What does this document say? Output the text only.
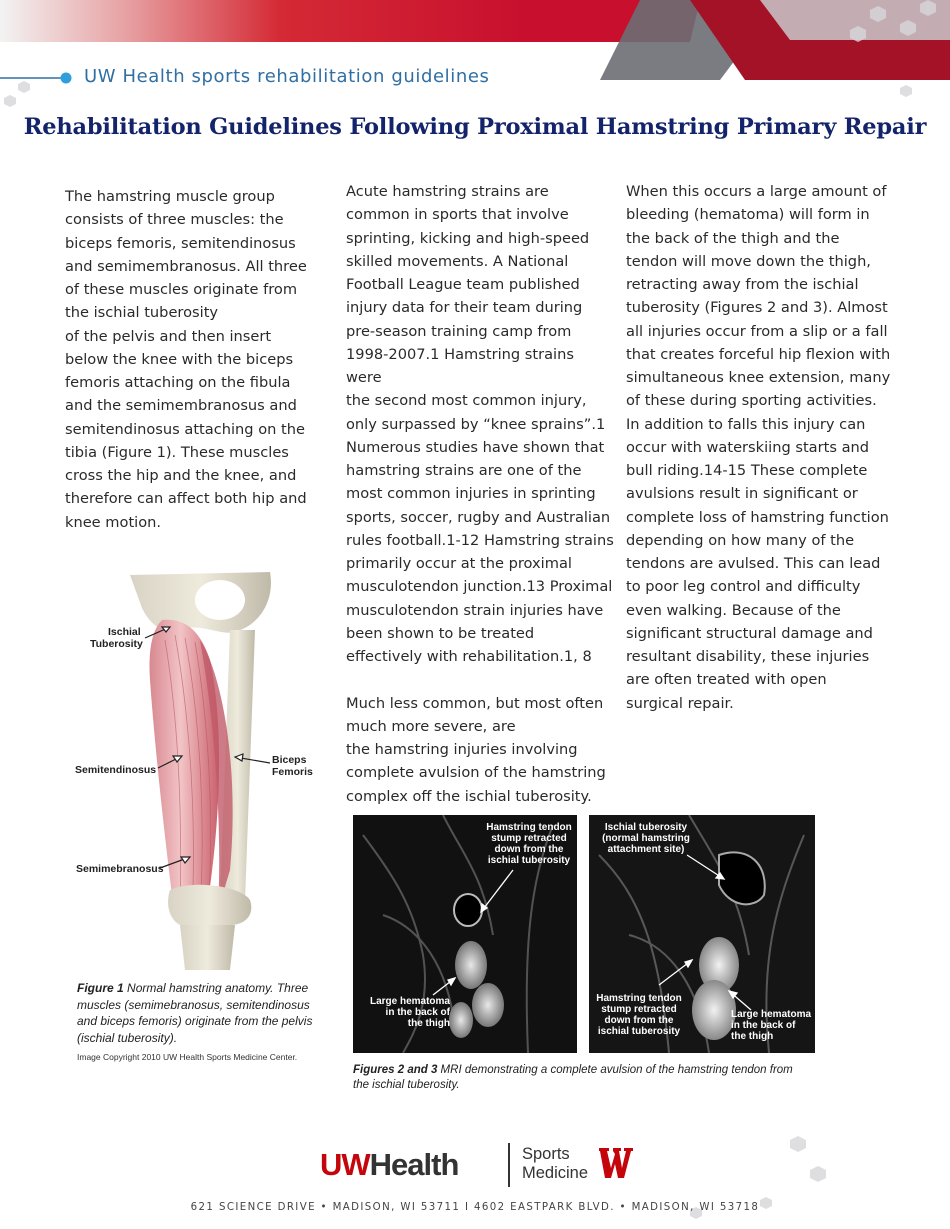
UW Health sports rehabilitation guidelines
Rehabilitation Guidelines Following Proximal Hamstring Primary Repair
The hamstring muscle group
consists of three muscles: the
biceps femoris, semitendinosus
and semimembranosus. All three
of these muscles originate from
the ischial tuberosity
of the pelvis and then insert
below the knee with the biceps
femoris attaching on the fibula
and the semimembranosus and
semitendinosus attaching on the
tibia (Figure 1). These muscles
cross the hip and the knee, and
therefore can affect both hip and
knee motion.
Acute hamstring strains are
common in sports that involve
sprinting, kicking and high-speed
skilled movements. A National
Football League team published
injury data for their team during
pre-season training camp from
1998-2007.1 Hamstring strains were
the second most common injury,
only surpassed by “knee sprains”.1
Numerous studies have shown that
hamstring strains are one of the
most common injuries in sprinting
sports, soccer, rugby and Australian
rules football.1-12 Hamstring strains
primarily occur at the proximal
musculotendon junction.13 Proximal
musculotendon strain injuries have
been shown to be treated
effectively with rehabilitation.1, 8
Much less common, but most often
much more severe, are
the hamstring injuries involving
complete avulsion of the hamstring
complex off the ischial tuberosity.
When this occurs a large amount of
bleeding (hematoma) will form in
the back of the thigh and the
tendon will move down the thigh,
retracting away from the ischial
tuberosity (Figures 2 and 3). Almost
all injuries occur from a slip or a fall
that creates forceful hip flexion with
simultaneous knee extension, many
of these during sporting activities.
In addition to falls this injury can
occur with waterskiing starts and
bull riding.14-15 These complete
avulsions result in significant or
complete loss of hamstring function
depending on how many of the
tendons are avulsed. This can lead
to poor leg control and difficulty
even walking. Because of the
significant structural damage and
resultant disability, these injuries
are often treated with open
surgical repair.
Ischial
Tuberosity
Semitendinosus
Biceps
Femoris
Semimebranosus
Figure 1 Normal hamstring anatomy. Three muscles (semimebranosus, semitendinosus and biceps femoris) originate from the pelvis (ischial tuberosity).
Image Copyright 2010 UW Health Sports Medicine Center.
Hamstring tendon
stump retracted
down from the
ischial tuberosity
Large hematoma
in the back of
the thigh
Ischial tuberosity
(normal hamstring
attachment site)
Hamstring tendon
stump retracted
down from the
ischial tuberosity
Large hematoma
in the back of
the thigh
Figures 2 and 3 MRI demonstrating a complete avulsion of the hamstring tendon from the ischial tuberosity.
UWHealth	Sports
Medicine
621 SCIENCE DRIVE • MADISON, WI 53711 I 4602 EASTPARK BLVD. • MADISON, WI 53718
